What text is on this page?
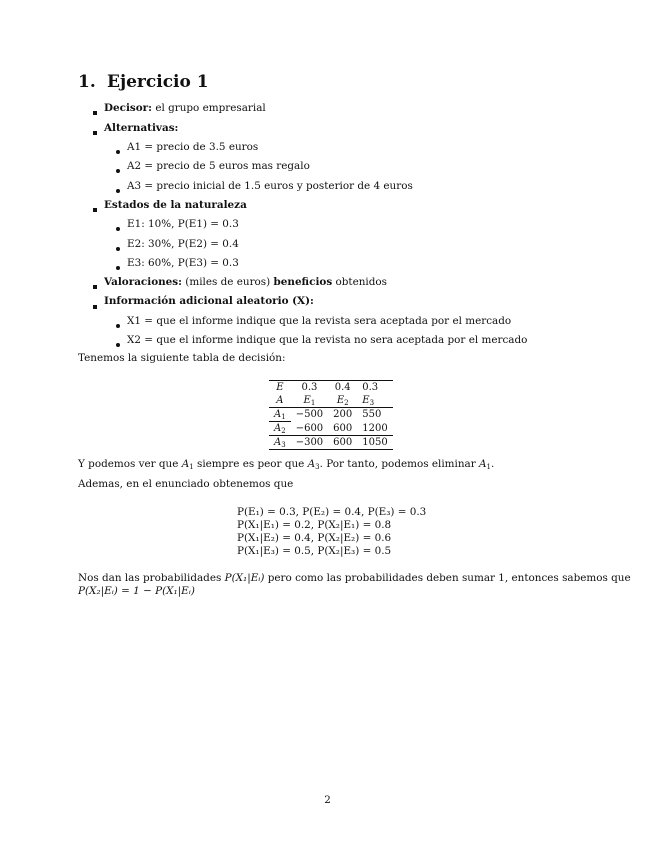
1. Ejercicio 1
Decisor: el grupo empresarial
Alternativas:
A1 = precio de 3.5 euros
A2 = precio de 5 euros mas regalo
A3 = precio inicial de 1.5 euros y posterior de 4 euros
Estados de la naturaleza
E1: 10%, P(E1) = 0.3
E2: 30%, P(E2) = 0.4
E3: 60%, P(E3) = 0.3
Valoraciones: (miles de euros) beneficios obtenidos
Información adicional aleatorio (X):
X1 = que el informe indique que la revista sera aceptada por el mercado
X2 = que el informe indique que la revista no sera aceptada por el mercado
Tenemos la siguiente tabla de decisión:
E	0.3	0.4	0.3
A	$E_1$	$E_2$	$E_3$
$A_1$	−500	200	550
$A_2$	−600	600	1200
$A_3$	−300	600	1050
Y podemos ver que $A_1$ siempre es peor que $A_3$. Por tanto, podemos eliminar $A_1$.
Ademas, en el enunciado obtenemos que
P(E₁) = 0.3, P(E₂) = 0.4, P(E₃) = 0.3
P(X₁|E₁) = 0.2, P(X₂|E₁) = 0.8
P(X₁|E₂) = 0.4, P(X₂|E₂) = 0.6
P(X₁|E₃) = 0.5, P(X₂|E₃) = 0.5
Nos dan las probabilidades P(X₁|Eᵢ) pero como las probabilidades deben sumar 1, entonces sabemos que
P(X₂|Eᵢ) = 1 − P(X₁|Eᵢ)
2
